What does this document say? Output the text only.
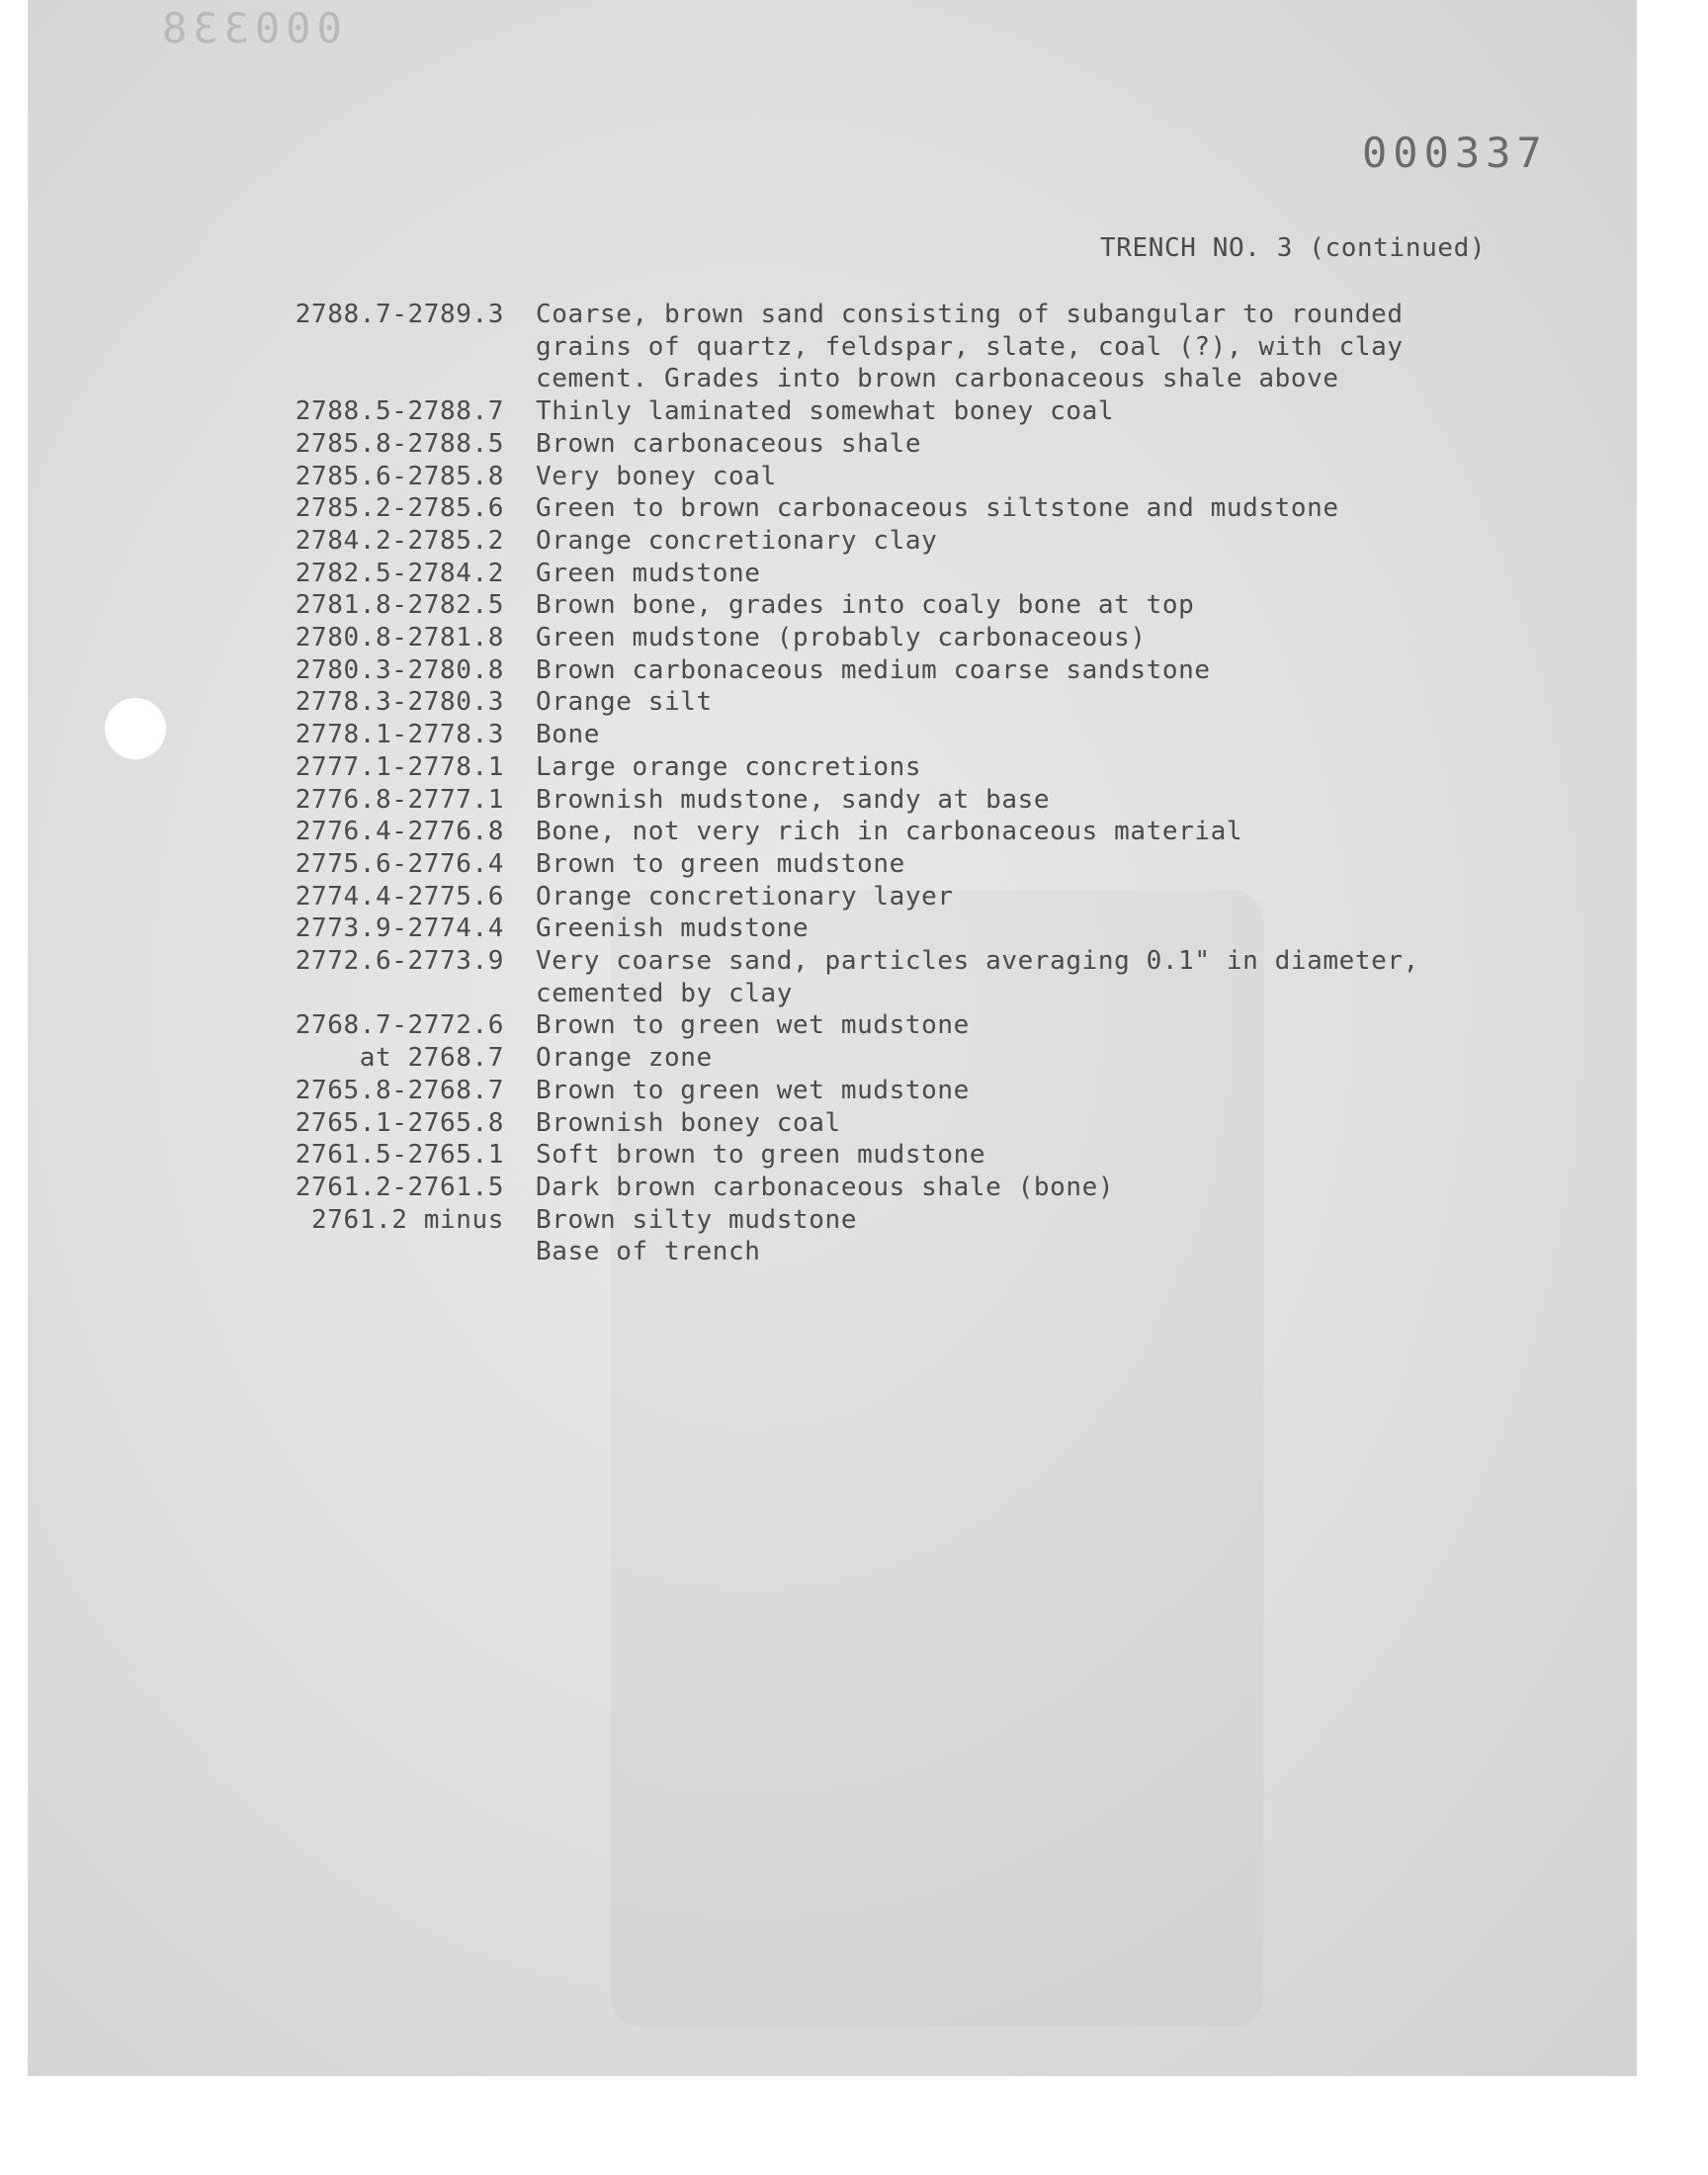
000338
000337
TRENCH NO. 3 (continued)
2788.7-2789.3 Coarse, brown sand consisting of subangular to rounded
grains of quartz, feldspar, slate, coal (?), with clay
cement. Grades into brown carbonaceous shale above
2788.5-2788.7 Thinly laminated somewhat boney coal
2785.8-2788.5 Brown carbonaceous shale
2785.6-2785.8 Very boney coal
2785.2-2785.6 Green to brown carbonaceous siltstone and mudstone
2784.2-2785.2 Orange concretionary clay
2782.5-2784.2 Green mudstone
2781.8-2782.5 Brown bone, grades into coaly bone at top
2780.8-2781.8 Green mudstone (probably carbonaceous)
2780.3-2780.8 Brown carbonaceous medium coarse sandstone
2778.3-2780.3 Orange silt
2778.1-2778.3 Bone
2777.1-2778.1 Large orange concretions
2776.8-2777.1 Brownish mudstone, sandy at base
2776.4-2776.8 Bone, not very rich in carbonaceous material
2775.6-2776.4 Brown to green mudstone
2774.4-2775.6 Orange concretionary layer
2773.9-2774.4 Greenish mudstone
2772.6-2773.9 Very coarse sand, particles averaging 0.1" in diameter,
cemented by clay
2768.7-2772.6 Brown to green wet mudstone
at 2768.7 Orange zone
2765.8-2768.7 Brown to green wet mudstone
2765.1-2765.8 Brownish boney coal
2761.5-2765.1 Soft brown to green mudstone
2761.2-2761.5 Dark brown carbonaceous shale (bone)
2761.2 minus Brown silty mudstone
Base of trench
